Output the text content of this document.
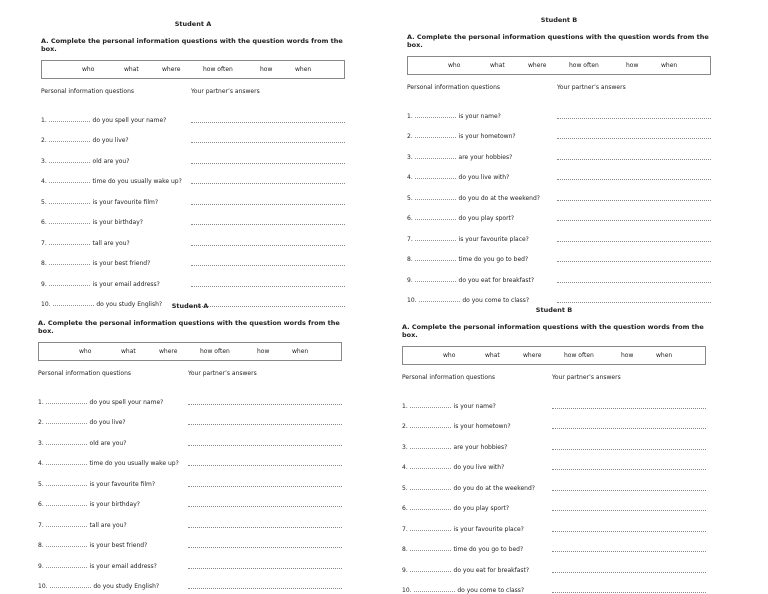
Student A
A. Complete the personal information questions with the question words from the box.
who	what	where	how often	how	when
Personal information questions	Your partner’s answers
1. ………………… do you spell your name?
2. ………………… do you live?
3. ………………… old are you?
4. ………………… time do you usually wake up?
5. ………………… is your favourite film?
6. ………………… is your birthday?
7. ………………… tall are you?
8. ………………… is your best friend?
9. ………………… is your email address?
10. ………………… do you study English?
Student B
A. Complete the personal information questions with the question words from the box.
who	what	where	how often	how	when
Personal information questions	Your partner’s answers
1. ………………… is your name?
2. ………………… is your hometown?
3. ………………… are your hobbies?
4. ………………… do you live with?
5. ………………… do you do at the weekend?
6. ………………… do you play sport?
7. ………………… is your favourite place?
8. ………………… time do you go to bed?
9. ………………… do you eat for breakfast?
10. ………………… do you come to class?
Student A
A. Complete the personal information questions with the question words from the box.
who	what	where	how often	how	when
Personal information questions	Your partner’s answers
1. ………………… do you spell your name?
2. ………………… do you live?
3. ………………… old are you?
4. ………………… time do you usually wake up?
5. ………………… is your favourite film?
6. ………………… is your birthday?
7. ………………… tall are you?
8. ………………… is your best friend?
9. ………………… is your email address?
10. ………………… do you study English?
Student B
A. Complete the personal information questions with the question words from the box.
who	what	where	how often	how	when
Personal information questions	Your partner’s answers
1. ………………… is your name?
2. ………………… is your hometown?
3. ………………… are your hobbies?
4. ………………… do you live with?
5. ………………… do you do at the weekend?
6. ………………… do you play sport?
7. ………………… is your favourite place?
8. ………………… time do you go to bed?
9. ………………… do you eat for breakfast?
10. ………………… do you come to class?
